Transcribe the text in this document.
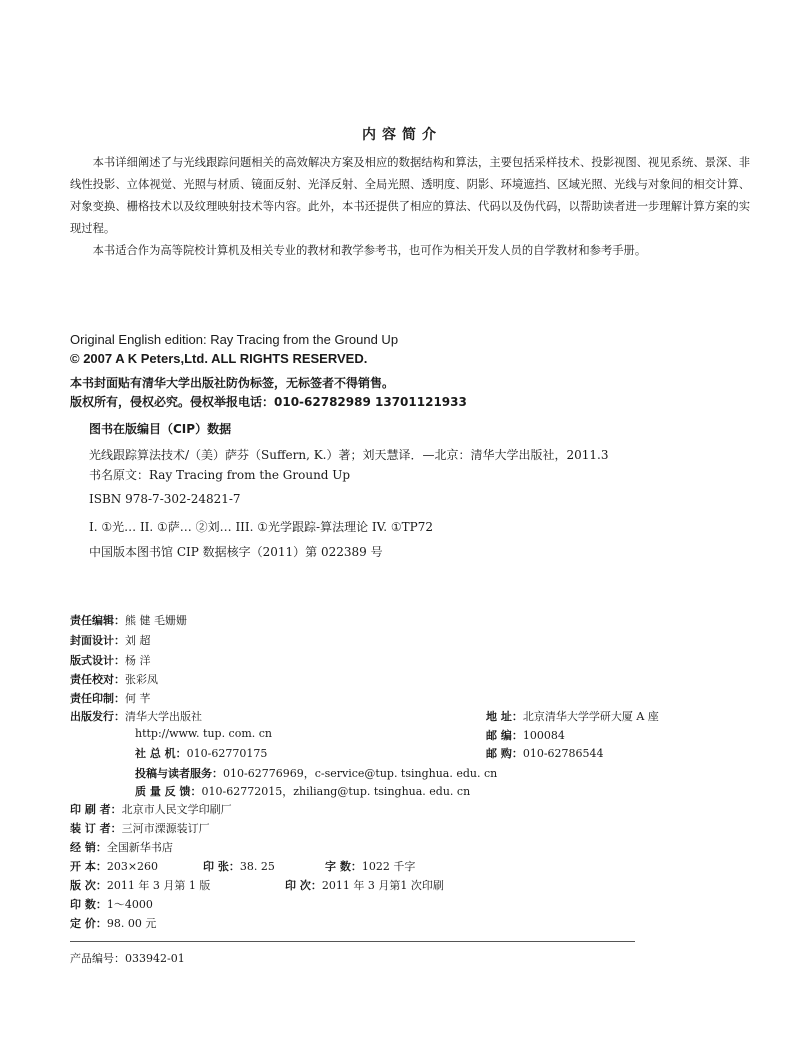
内容简介

本书详细阐述了与光线跟踪问题相关的高效解决方案及相应的数据结构和算法，主要包括采样技术、投影视图、视见系统、景深、非线性投影、立体视觉、光照与材质、镜面反射、光泽反射、全局光照、透明度、阴影、环境遮挡、区域光照、光线与对象间的相交计算、对象变换、栅格技术以及纹理映射技术等内容。此外，本书还提供了相应的算法、代码以及伪代码，以帮助读者进一步理解计算方案的实现过程。

本书适合作为高等院校计算机及相关专业的教材和教学参考书，也可作为相关开发人员的自学教材和参考手册。

Original English edition: Ray Tracing from the Ground Up
© 2007 A K Peters,Ltd. ALL RIGHTS RESERVED.
本书封面贴有清华大学出版社防伪标签，无标签者不得销售。
版权所有，侵权必究。侵权举报电话：010-62782989 13701121933
图书在版编目（CIP）数据
光线跟踪算法技术/（美）萨芬（Suffern, K.）著；刘天慧译．—北京：清华大学出版社，2011.3
书名原文：Ray Tracing from the Ground Up
ISBN 978-7-302-24821-7
I. ①光… II. ①萨… ②刘… III. ①光学跟踪-算法理论 IV. ①TP72
中国版本图书馆 CIP 数据核字（2011）第 022389 号
责任编辑：熊 健 毛姗姗
封面设计：刘 超
版式设计：杨 洋
责任校对：张彩凤
责任印制：何 芊
出版发行：清华大学出版社	地 址：北京清华大学学研大厦 A 座
http://www. tup. com. cn	邮 编：100084
社 总 机：010-62770175	邮 购：010-62786544
投稿与读者服务：010-62776969，c-service@tup. tsinghua. edu. cn
质 量 反 馈：010-62772015，zhiliang@tup. tsinghua. edu. cn
印 刷 者：北京市人民文学印刷厂
装 订 者：三河市溧源装订厂
经 销：全国新华书店
开 本：203×260	印 张：38. 25	字 数：1022 千字
版 次：2011 年 3 月第 1 版	印 次：2011 年 3 月第1 次印刷
印 数：1～4000
定 价：98. 00 元
产品编号：033942-01
